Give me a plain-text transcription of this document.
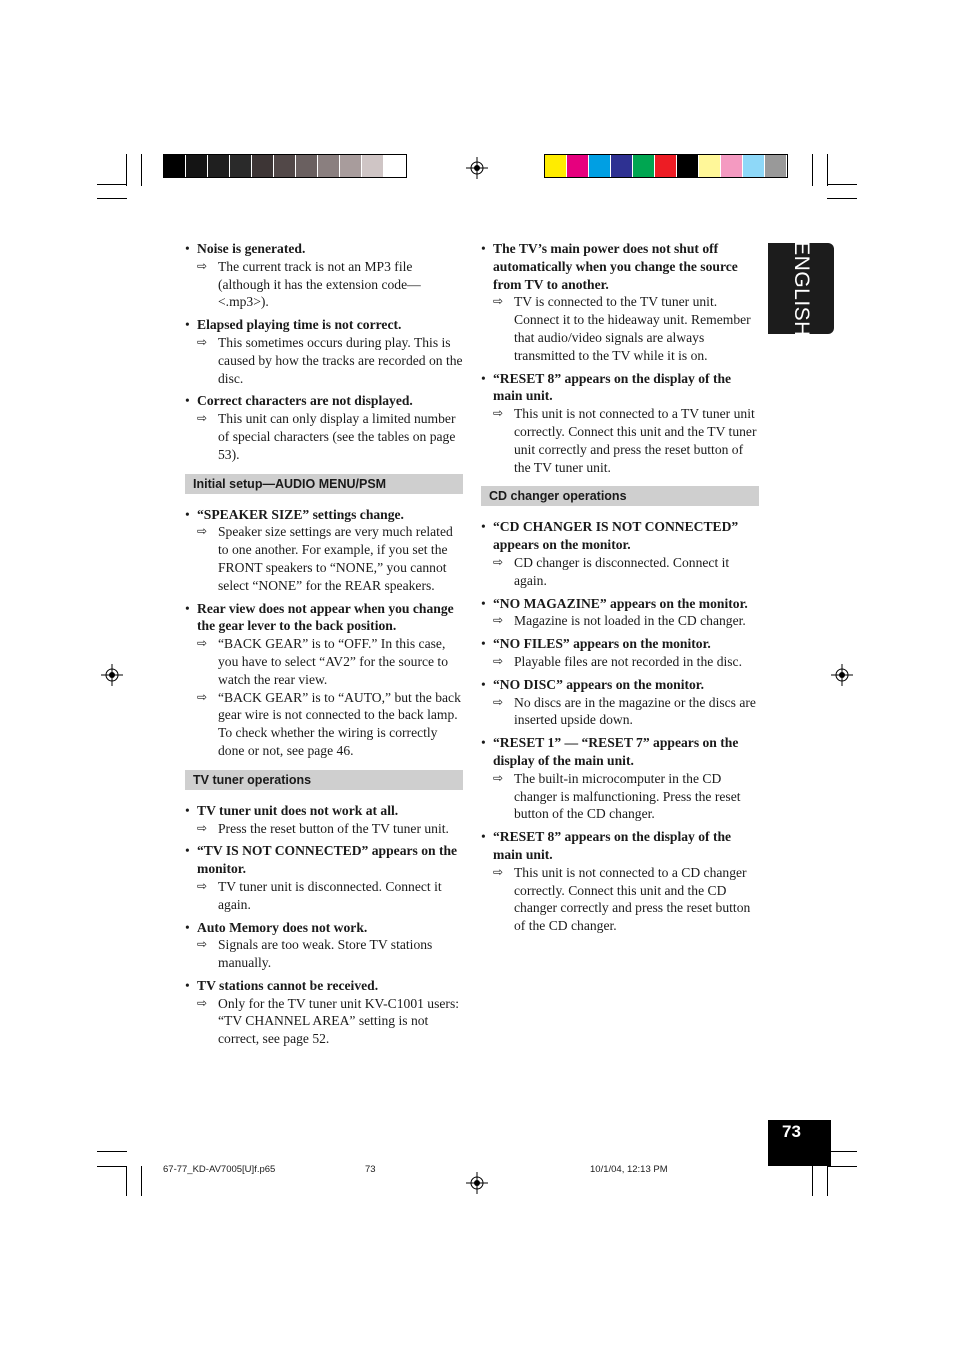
ENGLISH
• Noise is generated.
⇨ The current track is not an MP3 file (although it has the extension code—<.mp3>).
• Elapsed playing time is not correct.
⇨ This sometimes occurs during play. This is caused by how the tracks are recorded on the disc.
• Correct characters are not displayed.
⇨ This unit can only display a limited number of special characters (see the tables on page 53).
Initial setup—AUDIO MENU/PSM
• “SPEAKER SIZE” settings change.
⇨ Speaker size settings are very much related to one another. For example, if you set the FRONT speakers to “NONE,” you cannot select “NONE” for the REAR speakers.
• Rear view does not appear when you change the gear lever to the back position.
⇨ “BACK GEAR” is to “OFF.” In this case, you have to select “AV2” for the source to watch the rear view.
⇨ “BACK GEAR” is to “AUTO,” but the back gear wire is not connected to the back lamp. To check whether the wiring is correctly done or not, see page 46.
TV tuner operations
• TV tuner unit does not work at all.
⇨ Press the reset button of the TV tuner unit.
• “TV IS NOT CONNECTED” appears on the monitor.
⇨ TV tuner unit is disconnected. Connect it again.
• Auto Memory does not work.
⇨ Signals are too weak. Store TV stations manually.
• TV stations cannot be received.
⇨ Only for the TV tuner unit KV-C1001 users: “TV CHANNEL AREA” setting is not correct, see page 52.
• The TV’s main power does not shut off automatically when you change the source from TV to another.
⇨ TV is connected to the TV tuner unit. Connect it to the hideaway unit. Remember that audio/video signals are always transmitted to the TV while it is on.
• “RESET 8” appears on the display of the main unit.
⇨ This unit is not connected to a TV tuner unit correctly. Connect this unit and the TV tuner unit correctly and press the reset button of the TV tuner unit.
CD changer operations
• “CD CHANGER IS NOT CONNECTED” appears on the monitor.
⇨ CD changer is disconnected. Connect it again.
• “NO MAGAZINE” appears on the monitor.
⇨ Magazine is not loaded in the CD changer.
• “NO FILES” appears on the monitor.
⇨ Playable files are not recorded in the disc.
• “NO DISC” appears on the monitor.
⇨ No discs are in the magazine or the discs are inserted upside down.
• “RESET 1” — “RESET 7” appears on the display of the main unit.
⇨ The built-in microcomputer in the CD changer is malfunctioning. Press the reset button of the CD changer.
• “RESET 8” appears on the display of the main unit.
⇨ This unit is not connected to a CD changer correctly. Connect this unit and the CD changer correctly and press the reset button of the CD changer.
73
67-77_KD-AV7005[U]f.p65	73	10/1/04, 12:13 PM
